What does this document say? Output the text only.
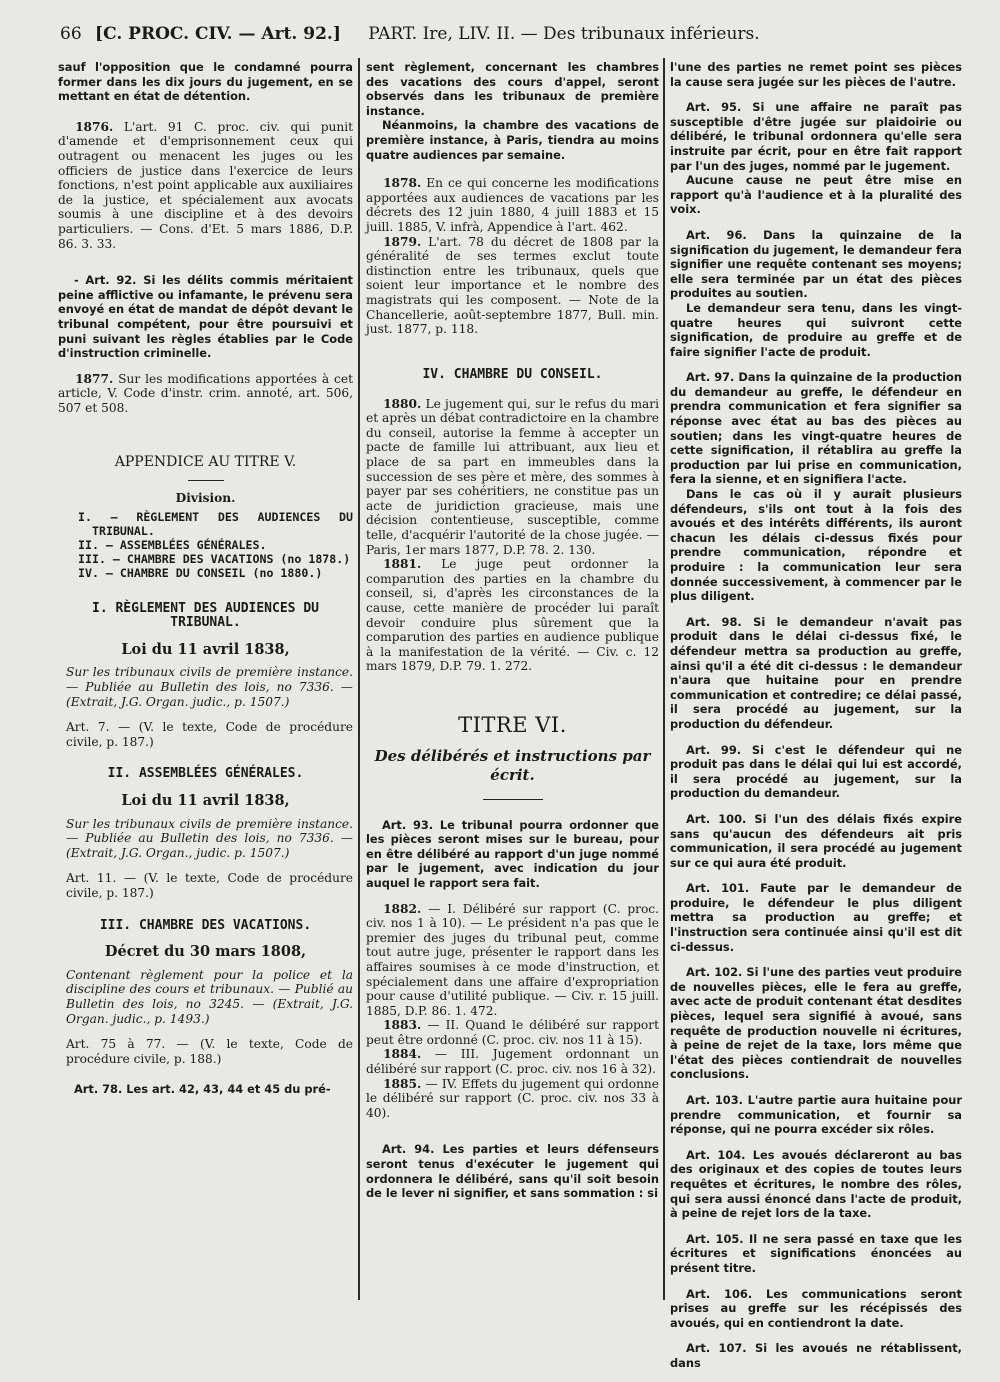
66 [C. PROC. CIV. — Art. 92.] PART. Ire, LIV. II. — Des tribunaux inférieurs.

sauf l'opposition que le condamné pourra former dans les dix jours du jugement, en se mettant en état de détention.

1876. L'art. 91 C. proc. civ. qui punit d'amende et d'emprisonnement ceux qui outragent ou menacent les juges ou les officiers de justice dans l'exercice de leurs fonctions, n'est point applicable aux auxiliaires de la justice, et spécialement aux avocats soumis à une discipline et à des devoirs particuliers. — Cons. d'Et. 5 mars 1886, D.P. 86. 3. 33.

- Art. 92. Si les délits commis méritaient peine afflictive ou infamante, le prévenu sera envoyé en état de mandat de dépôt devant le tribunal compétent, pour être poursuivi et puni suivant les règles établies par le Code d'instruction criminelle.

1877. Sur les modifications apportées à cet article, V. Code d'instr. crim. annoté, art. 506, 507 et 508.

APPENDICE AU TITRE V.
Division.
I. — RÈGLEMENT DES AUDIENCES DU TRIBUNAL.
II. — ASSEMBLÉES GÉNÉRALES.
III. — CHAMBRE DES VACATIONS (no 1878.)
IV. — CHAMBRE DU CONSEIL (no 1880.)
I. RÈGLEMENT DES AUDIENCES DU TRIBUNAL.
Loi du 11 avril 1838,

Sur les tribunaux civils de première instance. — Publiée au Bulletin des lois, no 7336. — (Extrait, J.G. Organ. judic., p. 1507.)

Art. 7. — (V. le texte, Code de procédure civile, p. 187.)

II. ASSEMBLÉES GÉNÉRALES.
Loi du 11 avril 1838,

Sur les tribunaux civils de première instance. — Publiée au Bulletin des lois, no 7336. — (Extrait, J.G. Organ., judic. p. 1507.)

Art. 11. — (V. le texte, Code de procédure civile, p. 187.)

III. CHAMBRE DES VACATIONS.
Décret du 30 mars 1808,

Contenant règlement pour la police et la discipline des cours et tribunaux. — Publié au Bulletin des lois, no 3245. — (Extrait, J.G. Organ. judic., p. 1493.)

Art. 75 à 77. — (V. le texte, Code de procédure civile, p. 188.)

Art. 78. Les art. 42, 43, 44 et 45 du pré-

sent règlement, concernant les chambres des vacations des cours d'appel, seront observés dans les tribunaux de première instance.

Néanmoins, la chambre des vacations de première instance, à Paris, tiendra au moins quatre audiences par semaine.

1878. En ce qui concerne les modifications apportées aux audiences de vacations par les décrets des 12 juin 1880, 4 juill 1883 et 15 juill. 1885, V. infrà, Appendice à l'art. 462.

1879. L'art. 78 du décret de 1808 par la généralité de ses termes exclut toute distinction entre les tribunaux, quels que soient leur importance et le nombre des magistrats qui les composent. — Note de la Chancellerie, août-septembre 1877, Bull. min. just. 1877, p. 118.

IV. CHAMBRE DU CONSEIL.

1880. Le jugement qui, sur le refus du mari et après un débat contradictoire en la chambre du conseil, autorise la femme à accepter un pacte de famille lui attribuant, aux lieu et place de sa part en immeubles dans la succession de ses père et mère, des sommes à payer par ses cohéritiers, ne constitue pas un acte de juridiction gracieuse, mais une décision contentieuse, susceptible, comme telle, d'acquérir l'autorité de la chose jugée. — Paris, 1er mars 1877, D.P. 78. 2. 130.

1881. Le juge peut ordonner la comparution des parties en la chambre du conseil, si, d'après les circonstances de la cause, cette manière de procéder lui paraît devoir conduire plus sûrement que la comparution des parties en audience publique à la manifestation de la vérité. — Civ. c. 12 mars 1879, D.P. 79. 1. 272.

TITRE VI.
Des délibérés et instructions par écrit.

Art. 93. Le tribunal pourra ordonner que les pièces seront mises sur le bureau, pour en être délibéré au rapport d'un juge nommé par le jugement, avec indication du jour auquel le rapport sera fait.

1882. — I. Délibéré sur rapport (C. proc. civ. nos 1 à 10). — Le président n'a pas que le premier des juges du tribunal peut, comme tout autre juge, présenter le rapport dans les affaires soumises à ce mode d'instruction, et spécialement dans une affaire d'expropriation pour cause d'utilité publique. — Civ. r. 15 juill. 1885, D.P. 86. 1. 472.

1883. — II. Quand le délibéré sur rapport peut être ordonné (C. proc. civ. nos 11 à 15).

1884. — III. Jugement ordonnant un délibéré sur rapport (C. proc. civ. nos 16 à 32).

1885. — IV. Effets du jugement qui ordonne le délibéré sur rapport (C. proc. civ. nos 33 à 40).

Art. 94. Les parties et leurs défenseurs seront tenus d'exécuter le jugement qui ordonnera le délibéré, sans qu'il soit besoin de le lever ni signifier, et sans sommation : si

l'une des parties ne remet point ses pièces la cause sera jugée sur les pièces de l'autre.

Art. 95. Si une affaire ne paraît pas susceptible d'être jugée sur plaidoirie ou délibéré, le tribunal ordonnera qu'elle sera instruite par écrit, pour en être fait rapport par l'un des juges, nommé par le jugement.

Aucune cause ne peut être mise en rapport qu'à l'audience et à la pluralité des voix.

Art. 96. Dans la quinzaine de la signification du jugement, le demandeur fera signifier une requête contenant ses moyens; elle sera terminée par un état des pièces produites au soutien.

Le demandeur sera tenu, dans les vingt-quatre heures qui suivront cette signification, de produire au greffe et de faire signifier l'acte de produit.

Art. 97. Dans la quinzaine de la production du demandeur au greffe, le défendeur en prendra communication et fera signifier sa réponse avec état au bas des pièces au soutien; dans les vingt-quatre heures de cette signification, il rétablira au greffe la production par lui prise en communication, fera la sienne, et en signifiera l'acte.

Dans le cas où il y aurait plusieurs défendeurs, s'ils ont tout à la fois des avoués et des intérêts différents, ils auront chacun les délais ci-dessus fixés pour prendre communication, répondre et produire : la communication leur sera donnée successivement, à commencer par le plus diligent.

Art. 98. Si le demandeur n'avait pas produit dans le délai ci-dessus fixé, le défendeur mettra sa production au greffe, ainsi qu'il a été dit ci-dessus : le demandeur n'aura que huitaine pour en prendre communication et contredire; ce délai passé, il sera procédé au jugement, sur la production du défendeur.

Art. 99. Si c'est le défendeur qui ne produit pas dans le délai qui lui est accordé, il sera procédé au jugement, sur la production du demandeur.

Art. 100. Si l'un des délais fixés expire sans qu'aucun des défendeurs ait pris communication, il sera procédé au jugement sur ce qui aura été produit.

Art. 101. Faute par le demandeur de produire, le défendeur le plus diligent mettra sa production au greffe; et l'instruction sera continuée ainsi qu'il est dit ci-dessus.

Art. 102. Si l'une des parties veut produire de nouvelles pièces, elle le fera au greffe, avec acte de produit contenant état desdites pièces, lequel sera signifié à avoué, sans requête de production nouvelle ni écritures, à peine de rejet de la taxe, lors même que l'état des pièces contiendrait de nouvelles conclusions.

Art. 103. L'autre partie aura huitaine pour prendre communication, et fournir sa réponse, qui ne pourra excéder six rôles.

Art. 104. Les avoués déclareront au bas des originaux et des copies de toutes leurs requêtes et écritures, le nombre des rôles, qui sera aussi énoncé dans l'acte de produit, à peine de rejet lors de la taxe.

Art. 105. Il ne sera passé en taxe que les écritures et significations énoncées au présent titre.

Art. 106. Les communications seront prises au greffe sur les récépissés des avoués, qui en contiendront la date.

Art. 107. Si les avoués ne rétablissent, dans
